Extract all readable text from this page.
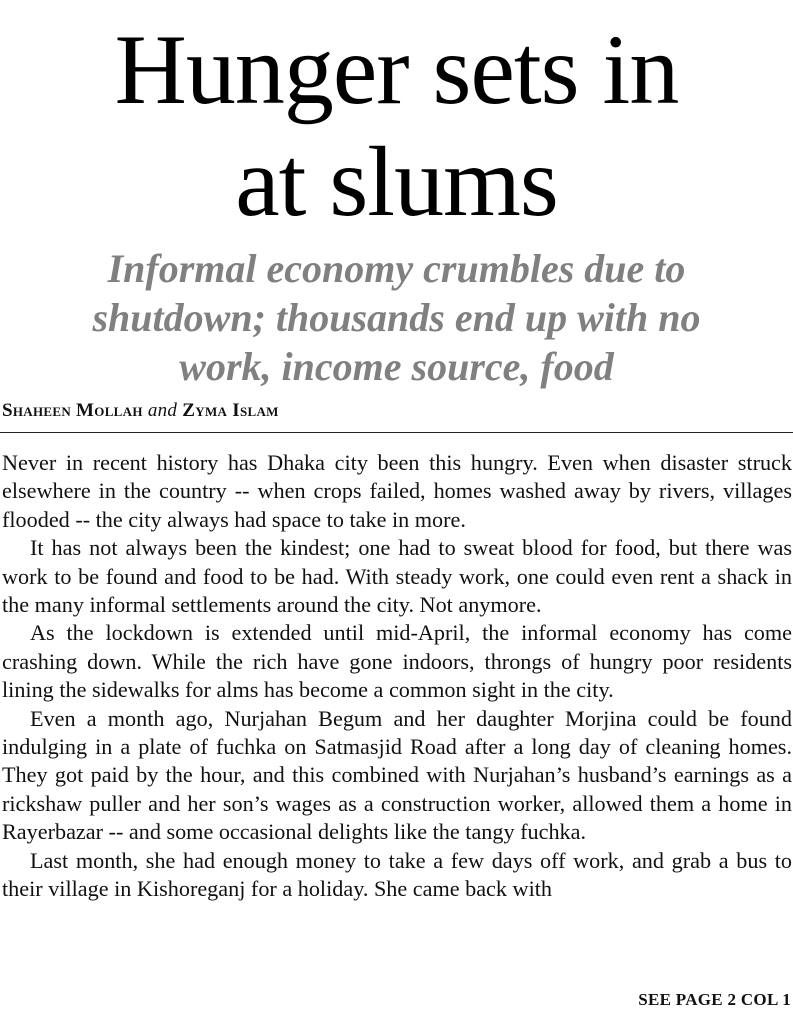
Hunger sets in
at slums
Informal economy crumbles due to
shutdown; thousands end up with no
work, income source, food
Shaheen Mollah and Zyma Islam

Never in recent history has Dhaka city been this hungry. Even when disaster struck elsewhere in the country -- when crops failed, homes washed away by rivers, villages flooded -- the city always had space to take in more.

It has not always been the kindest; one had to sweat blood for food, but there was work to be found and food to be had. With steady work, one could even rent a shack in the many informal settlements around the city. Not anymore.

As the lockdown is extended until mid-April, the informal economy has come crashing down. While the rich have gone indoors, throngs of hungry poor residents lining the sidewalks for alms has become a common sight in the city.

Even a month ago, Nurjahan Begum and her daughter Morjina could be found indulging in a plate of fuchka on Satmasjid Road after a long day of cleaning homes. They got paid by the hour, and this combined with Nurjahan’s husband’s earnings as a rickshaw puller and her son’s wages as a construction worker, allowed them a home in Rayerbazar -- and some occasional delights like the tangy fuchka.

Last month, she had enough money to take a few days off work, and grab a bus to their village in Kishoreganj for a holiday. She came back with

SEE PAGE 2 COL 1
